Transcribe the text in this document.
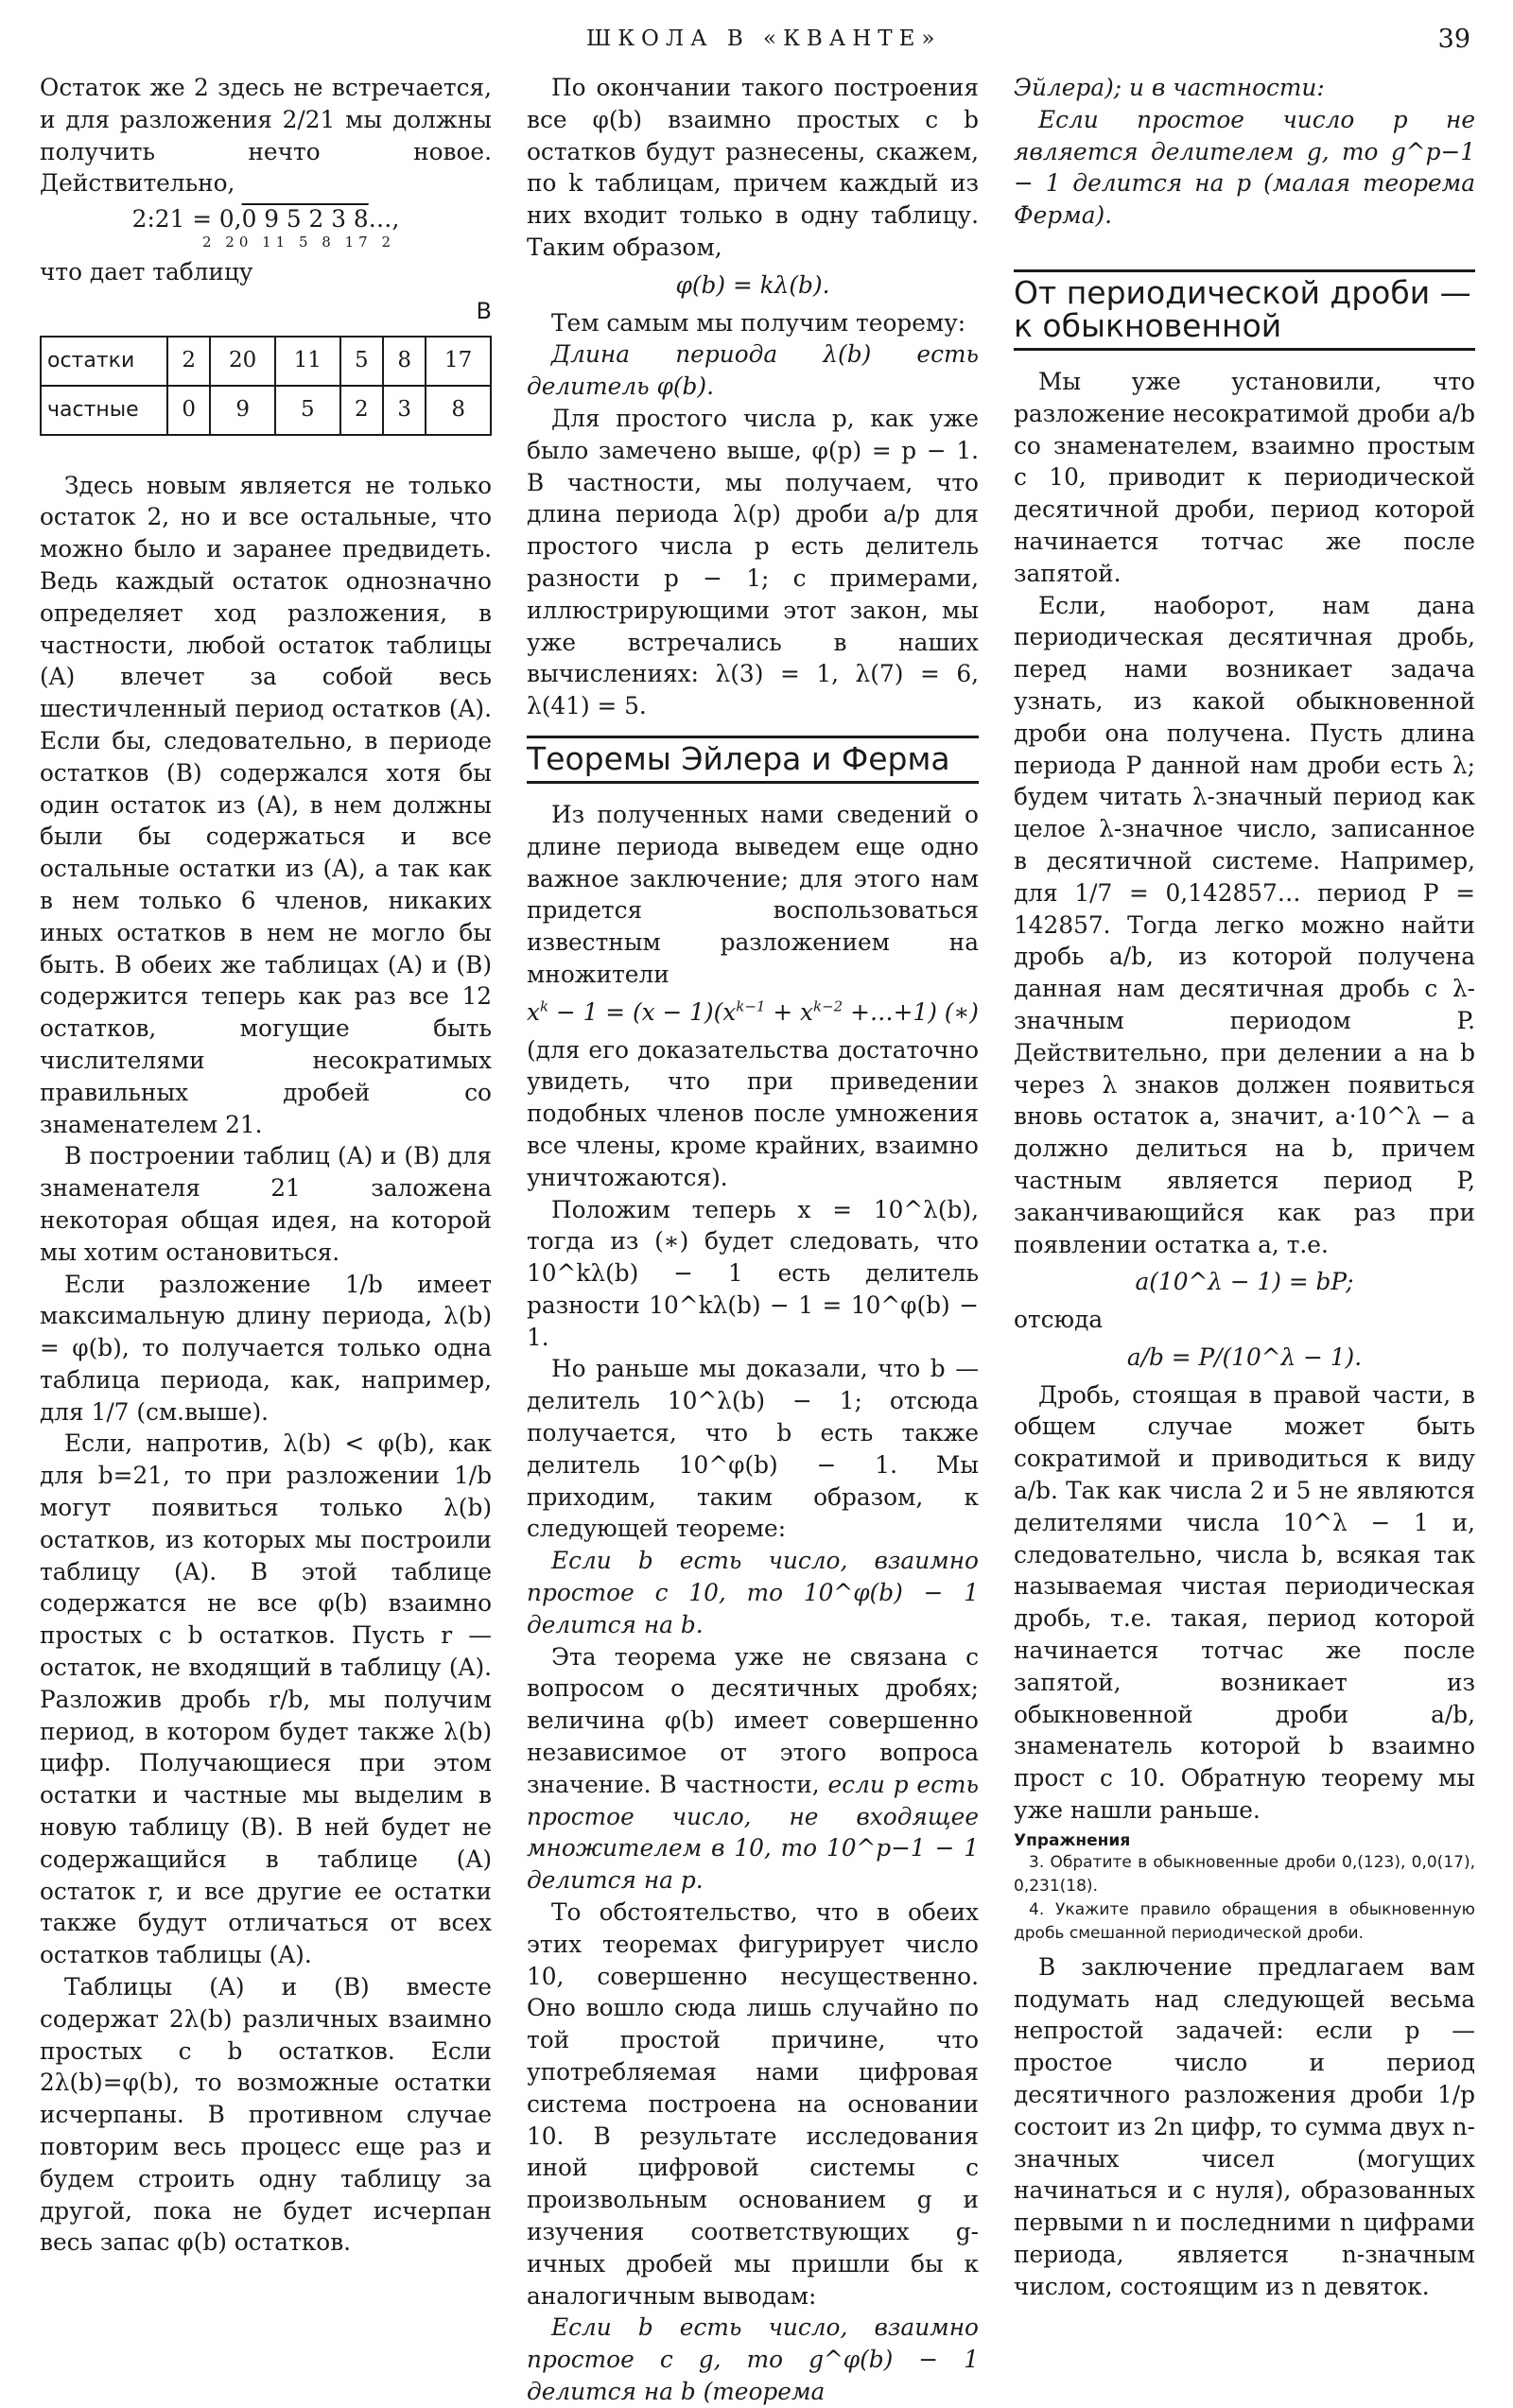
ШКОЛА В «КВАНТЕ»	39

Остаток же 2 здесь не встречается, и для разложения 2/21 мы должны получить нечто новое. Действительно,

2:21 = 0,0 9 5 2 3 8…,
2 20 11 5 8 17 2

что дает таблицу

B
остатки	2	20	11	5	8	17
частные	0	9	5	2	3	8

Здесь новым является не только остаток 2, но и все остальные, что можно было и заранее предвидеть. Ведь каждый остаток однозначно определяет ход разложения, в частности, любой остаток таблицы (A) влечет за собой весь шестичленный период остатков (A). Если бы, следовательно, в периоде остатков (B) содержался хотя бы один остаток из (A), в нем должны были бы содержаться и все остальные остатки из (A), а так как в нем только 6 членов, никаких иных остатков в нем не могло бы быть. В обеих же таблицах (A) и (B) содержится теперь как раз все 12 остатков, могущие быть числителями несократимых правильных дробей со знаменателем 21.

В построении таблиц (A) и (B) для знаменателя 21 заложена некоторая общая идея, на которой мы хотим остановиться.

Если разложение 1/b имеет максимальную длину периода, λ(b) = φ(b), то получается только одна таблица периода, как, например, для 1/7 (см.выше).

Если, напротив, λ(b) < φ(b), как для b=21, то при разложении 1/b могут появиться только λ(b) остатков, из которых мы построили таблицу (A). В этой таблице содержатся не все φ(b) взаимно простых с b остатков. Пусть r — остаток, не входящий в таблицу (A). Разложив дробь r/b, мы получим период, в котором будет также λ(b) цифр. Получающиеся при этом остатки и частные мы выделим в новую таблицу (B). В ней будет не содержащийся в таблице (A) остаток r, и все другие ее остатки также будут отличаться от всех остатков таблицы (A).

Таблицы (A) и (B) вместе содержат 2λ(b) различных взаимно простых с b остатков. Если 2λ(b)=φ(b), то возможные остатки исчерпаны. В противном случае повторим весь процесс еще раз и будем строить одну таблицу за другой, пока не будет исчерпан весь запас φ(b) остатков.

По окончании такого построения все φ(b) взаимно простых с b остатков будут разнесены, скажем, по k таблицам, причем каждый из них входит только в одну таблицу. Таким образом,

φ(b) = kλ(b).

Тем самым мы получим теорему:

Длина периода λ(b) есть делитель φ(b).

Для простого числа p, как уже было замечено выше, φ(p) = p − 1. В частности, мы получаем, что длина периода λ(p) дроби a/p для простого числа p есть делитель разности p − 1; с примерами, иллюстрирующими этот закон, мы уже встречались в наших вычислениях: λ(3) = 1, λ(7) = 6, λ(41) = 5.

Теоремы Эйлера и Ферма

Из полученных нами сведений о длине периода выведем еще одно важное заключение; для этого нам придется воспользоваться известным разложением на множители

$x^k - 1 = (x - 1)(x^{k-1} + x^{k-2}$ +…+1) (∗)

(для его доказательства достаточно увидеть, что при приведении подобных членов после умножения все члены, кроме крайних, взаимно уничтожаются).

Положим теперь x = 10^λ(b), тогда из (∗) будет следовать, что 10^kλ(b) − 1 есть делитель разности 10^kλ(b) − 1 = 10^φ(b) − 1.

Но раньше мы доказали, что b — делитель 10^λ(b) − 1; отсюда получается, что b есть также делитель 10^φ(b) − 1. Мы приходим, таким образом, к следующей теореме:

Если b есть число, взаимно простое с 10, то 10^φ(b) − 1 делится на b.

Эта теорема уже не связана с вопросом о десятичных дробях; величина φ(b) имеет совершенно независимое от этого вопроса значение. В частности, если p есть простое число, не входящее множителем в 10, то 10^p−1 − 1 делится на p.

То обстоятельство, что в обеих этих теоремах фигурирует число 10, совершенно несущественно. Оно вошло сюда лишь случайно по той простой причине, что употребляемая нами цифровая система построена на основании 10. В результате исследования иной цифровой системы с произвольным основанием g и изучения соответствующих g-ичных дробей мы пришли бы к аналогичным выводам:

Если b есть число, взаимно простое с g, то g^φ(b) − 1 делится на b (теорема

Эйлера); и в частности:

Если простое число p не является делителем g, то g^p−1 − 1 делится на p (малая теорема Ферма).

От периодической дроби — к обыкновенной

Мы уже установили, что разложение несократимой дроби a/b со знаменателем, взаимно простым с 10, приводит к периодической десятичной дроби, период которой начинается тотчас же после запятой.

Если, наоборот, нам дана периодическая десятичная дробь, перед нами возникает задача узнать, из какой обыкновенной дроби она получена. Пусть длина периода P данной нам дроби есть λ; будем читать λ-значный период как целое λ-значное число, записанное в десятичной системе. Например, для 1/7 = 0,142857… период P = 142857. Тогда легко можно найти дробь a/b, из которой получена данная нам десятичная дробь с λ-значным периодом P. Действительно, при делении a на b через λ знаков должен появиться вновь остаток a, значит, a·10^λ − a должно делиться на b, причем частным является период P, заканчивающийся как раз при появлении остатка a, т.е.

a(10^λ − 1) = bP;

отсюда

a/b = P/(10^λ − 1).

Дробь, стоящая в правой части, в общем случае может быть сократимой и приводиться к виду a/b. Так как числа 2 и 5 не являются делителями числа 10^λ − 1 и, следовательно, числа b, всякая так называемая чистая периодическая дробь, т.е. такая, период которой начинается тотчас же после запятой, возникает из обыкновенной дроби a/b, знаменатель которой b взаимно прост с 10. Обратную теорему мы уже нашли раньше.

Упражнения
3. Обратите в обыкновенные дроби 0,(123), 0,0(17), 0,231(18).
4. Укажите правило обращения в обыкновенную дробь смешанной периодической дроби.

В заключение предлагаем вам подумать над следующей весьма непростой задачей: если p — простое число и период десятичного разложения дроби 1/p состоит из 2n цифр, то сумма двух n-значных чисел (могущих начинаться и с нуля), образованных первыми n и последними n цифрами периода, является n-значным числом, состоящим из n девяток.
